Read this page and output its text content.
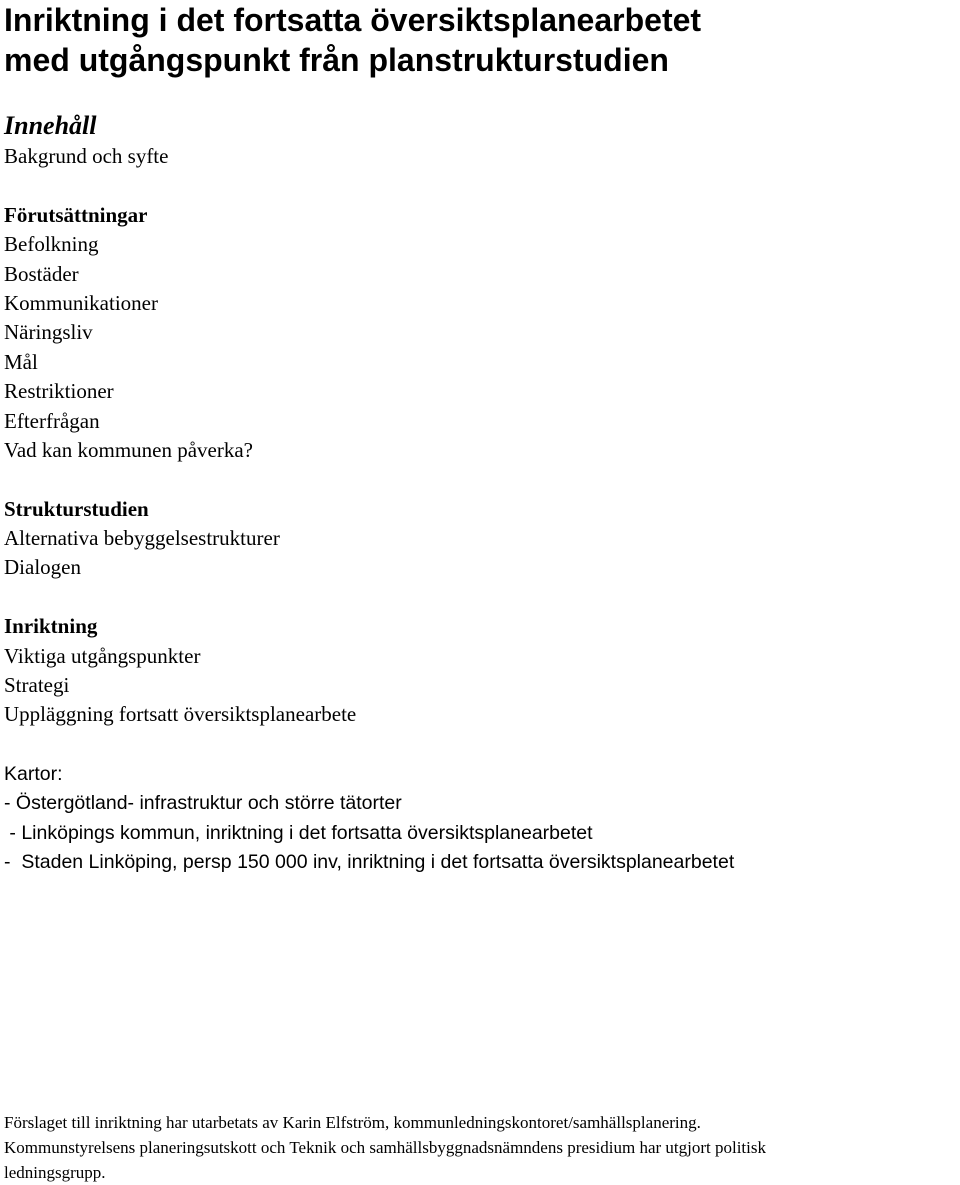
Inriktning i det fortsatta översiktsplanearbetet
med utgångspunkt från planstrukturstudien
Innehåll
Bakgrund och syfte
Förutsättningar
Befolkning
Bostäder
Kommunikationer
Näringsliv
Mål
Restriktioner
Efterfrågan
Vad kan kommunen påverka?
Strukturstudien
Alternativa bebyggelsestrukturer
Dialogen
Inriktning
Viktiga utgångspunkter
Strategi
Uppläggning fortsatt översiktsplanearbete
Kartor:
- Östergötland- infrastruktur och större tätorter
- Linköpings kommun, inriktning i det fortsatta översiktsplanearbetet
-  Staden Linköping, persp 150 000 inv, inriktning i det fortsatta översiktsplanearbetet
Förslaget till inriktning har utarbetats av Karin Elfström, kommunledningskontoret/samhällsplanering.
Kommunstyrelsens planeringsutskott och Teknik och samhällsbyggnadsnämndens presidium har utgjort politisk
ledningsgrupp.
